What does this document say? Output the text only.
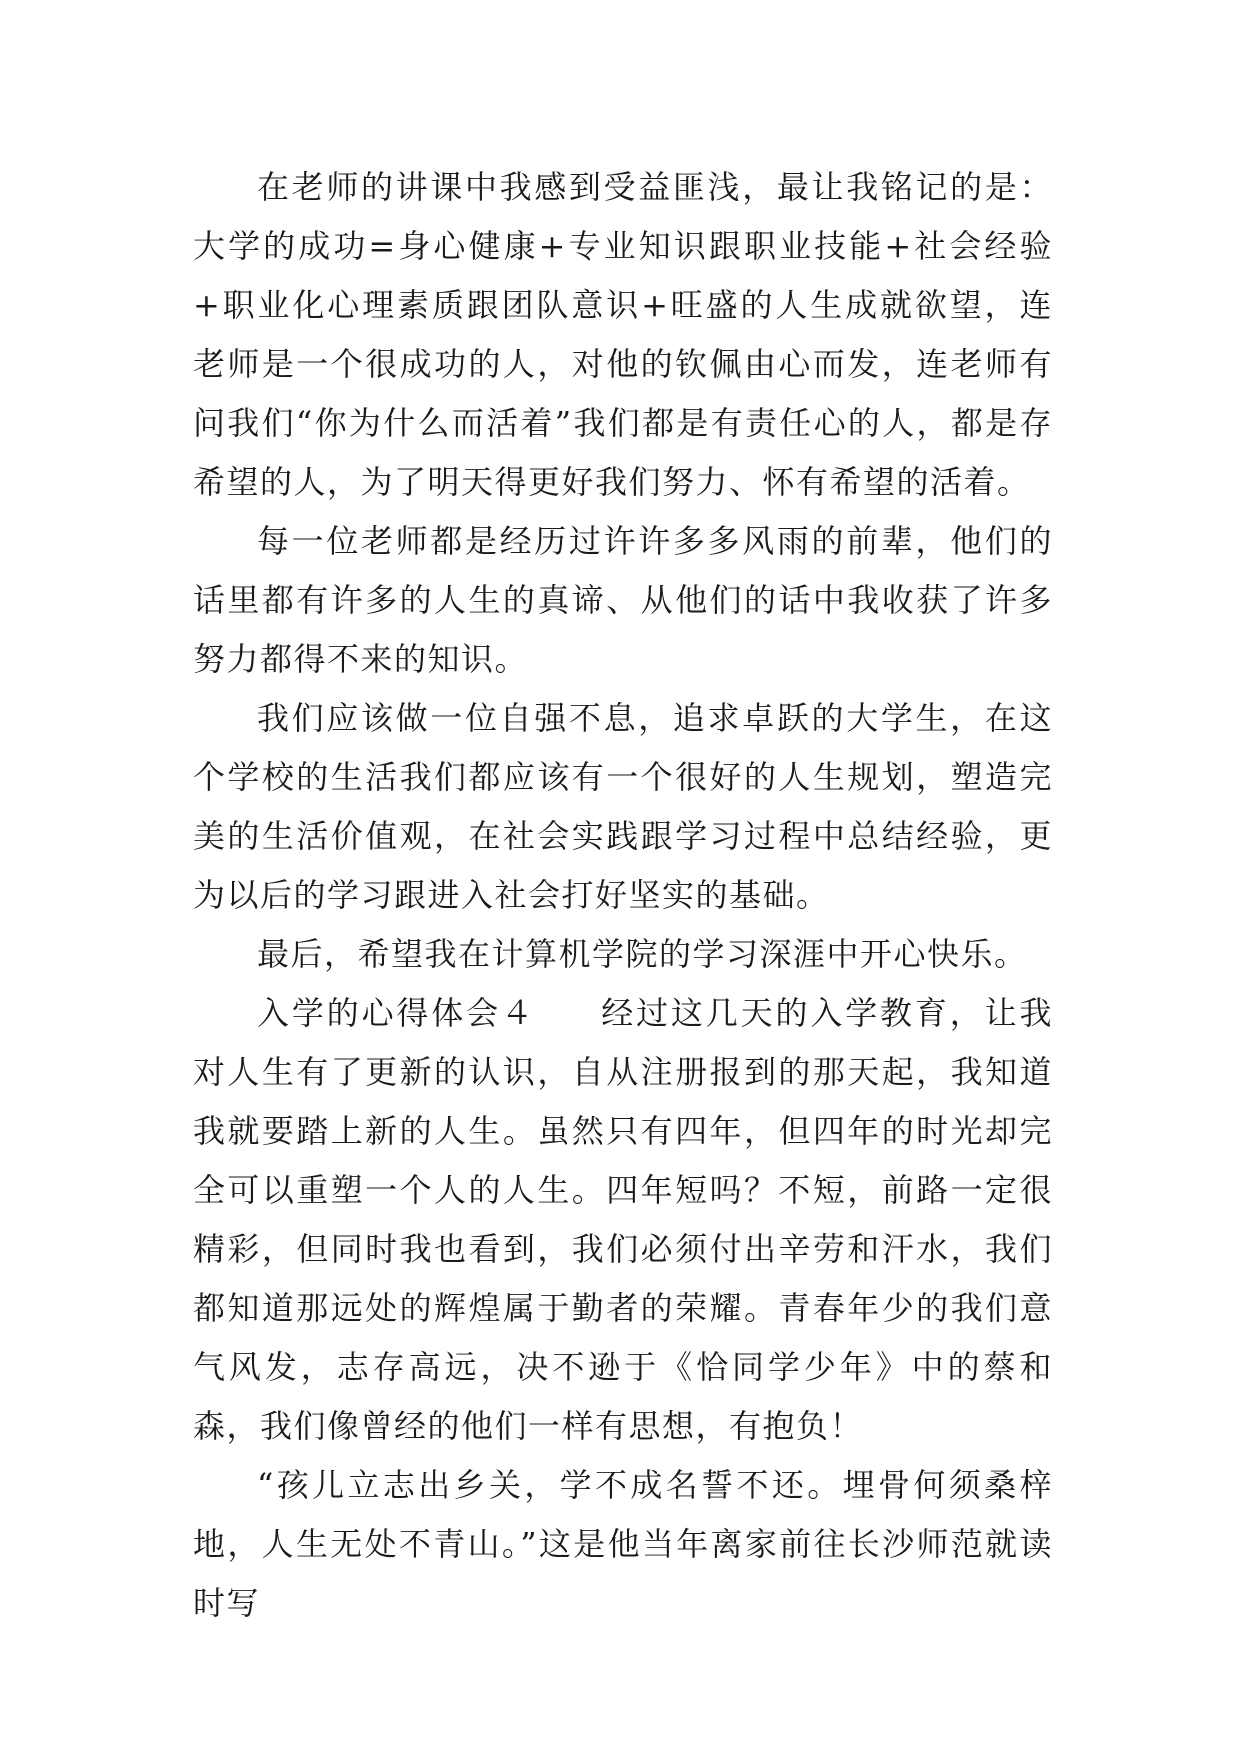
在老师的讲课中我感到受益匪浅，最让我铭记的是：大学的成功=身心健康+专业知识跟职业技能+社会经验+职业化心理素质跟团队意识+旺盛的人生成就欲望，连老师是一个很成功的人，对他的钦佩由心而发，连老师有问我们“你为什么而活着”我们都是有责任心的人，都是存希望的人，为了明天得更好我们努力、怀有希望的活着。

每一位老师都是经历过许许多多风雨的前辈，他们的话里都有许多的人生的真谛、从他们的话中我收获了许多努力都得不来的知识。

我们应该做一位自强不息，追求卓跃的大学生，在这个学校的生活我们都应该有一个很好的人生规划，塑造完美的生活价值观，在社会实践跟学习过程中总结经验，更为以后的学习跟进入社会打好坚实的基础。

最后，希望我在计算机学院的学习深涯中开心快乐。

入学的心得体会４ 经过这几天的入学教育，让我对人生有了更新的认识，自从注册报到的那天起，我知道我就要踏上新的人生。虽然只有四年，但四年的时光却完全可以重塑一个人的人生。四年短吗？不短，前路一定很精彩，但同时我也看到，我们必须付出辛劳和汗水，我们都知道那远处的辉煌属于勤者的荣耀。青春年少的我们意气风发，志存高远，决不逊于《恰同学少年》中的蔡和森，我们像曾经的他们一样有思想，有抱负！

“孩儿立志出乡关，学不成名誓不还。埋骨何须桑梓地，人生无处不青山。”这是他当年离家前往长沙师范就读时写
